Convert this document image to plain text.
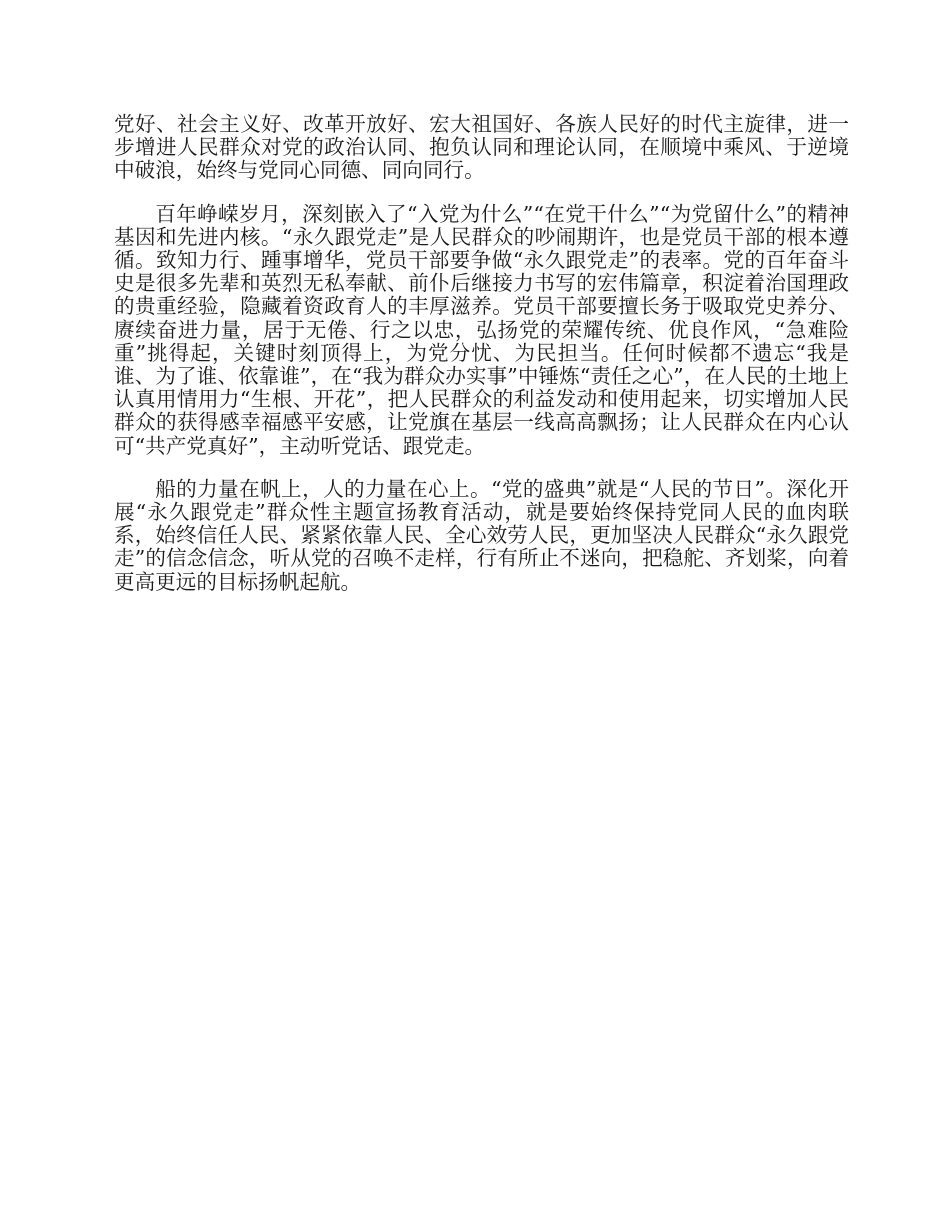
党好、社会主义好、改革开放好、宏大祖国好、各族人民好的时代主旋律，进一步增进人民群众对党的政治认同、抱负认同和理论认同，在顺境中乘风、于逆境中破浪，始终与党同心同德、同向同行。

百年峥嵘岁月，深刻嵌入了“入党为什么”“在党干什么”“为党留什么”的精神基因和先进内核。“永久跟党走”是人民群众的吵闹期许，也是党员干部的根本遵循。致知力行、踵事增华，党员干部要争做“永久跟党走”的表率。党的百年奋斗史是很多先辈和英烈无私奉献、前仆后继接力书写的宏伟篇章，积淀着治国理政的贵重经验，隐藏着资政育人的丰厚滋养。党员干部要擅长务于吸取党史养分、赓续奋进力量，居于无倦、行之以忠，弘扬党的荣耀传统、优良作风，“急难险重”挑得起，关键时刻顶得上，为党分忧、为民担当。任何时候都不遗忘“我是谁、为了谁、依靠谁”，在“我为群众办实事”中锤炼“责任之心”，在人民的土地上认真用情用力“生根、开花”，把人民群众的利益发动和使用起来，切实增加人民群众的获得感幸福感平安感，让党旗在基层一线高高飘扬；让人民群众在内心认可“共产党真好”，主动听党话、跟党走。

船的力量在帆上，人的力量在心上。“党的盛典”就是“人民的节日”。深化开展“永久跟党走”群众性主题宣扬教育活动，就是要始终保持党同人民的血肉联系，始终信任人民、紧紧依靠人民、全心效劳人民，更加坚决人民群众“永久跟党走”的信念信念，听从党的召唤不走样，行有所止不迷向，把稳舵、齐划桨，向着更高更远的目标扬帆起航。
